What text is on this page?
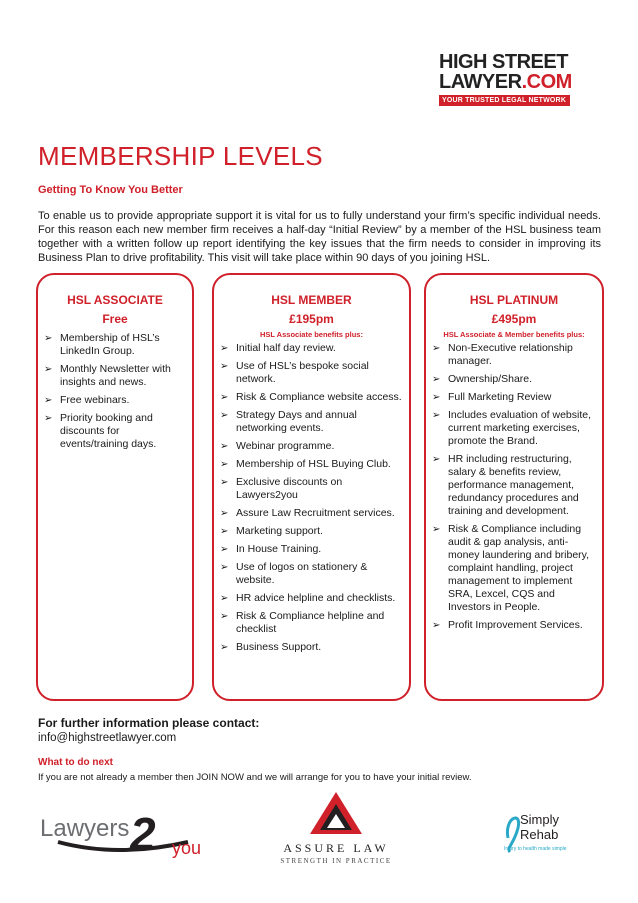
HIGH STREET
LAWYER.COM
YOUR TRUSTED LEGAL NETWORK
MEMBERSHIP LEVELS
Getting To Know You Better
To enable us to provide appropriate support it is vital for us to fully understand your firm’s specific individual needs. For this reason each new member firm receives a half-day “Initial Review” by a member of the HSL business team together with a written follow up report identifying the key issues that the firm needs to consider in improving its Business Plan to drive profitability. This visit will take place within 90 days of you joining HSL.
HSL ASSOCIATE
Free
➢ Membership of HSL’s LinkedIn Group.
➢ Monthly Newsletter with insights and news.
➢ Free webinars.
➢ Priority booking and discounts for events/training days.
HSL MEMBER
£195pm
HSL Associate benefits plus:
➢ Initial half day review.
➢ Use of HSL’s bespoke social network.
➢ Risk & Compliance website access.
➢ Strategy Days and annual networking events.
➢ Webinar programme.
➢ Membership of HSL Buying Club.
➢ Exclusive discounts on Lawyers2you
➢ Assure Law Recruitment services.
➢ Marketing support.
➢ In House Training.
➢ Use of logos on stationery & website.
➢ HR advice helpline and checklists.
➢ Risk & Compliance helpline and checklist
➢ Business Support.
HSL PLATINUM
£495pm
HSL Associate & Member benefits plus:
➢ Non-Executive relationship manager.
➢ Ownership/Share.
➢ Full Marketing Review
➢ Includes evaluation of website, current marketing exercises, promote the Brand.
➢ HR including restructuring, salary & benefits review, performance management, redundancy procedures and training and development.
➢ Risk & Compliance including audit & gap analysis, anti-money laundering and bribery, complaint handling, project management to implement SRA, Lexcel, CQS and Investors in People.
➢ Profit Improvement Services.
For further information please contact:
info@highstreetlawyer.com
What to do next
If you are not already a member then JOIN NOW and we will arrange for you to have your initial review.
Lawyers 2 you	ASSURE LAW
STRENGTH IN PRACTICE
Simply
Rehab
Injury to health made simple
